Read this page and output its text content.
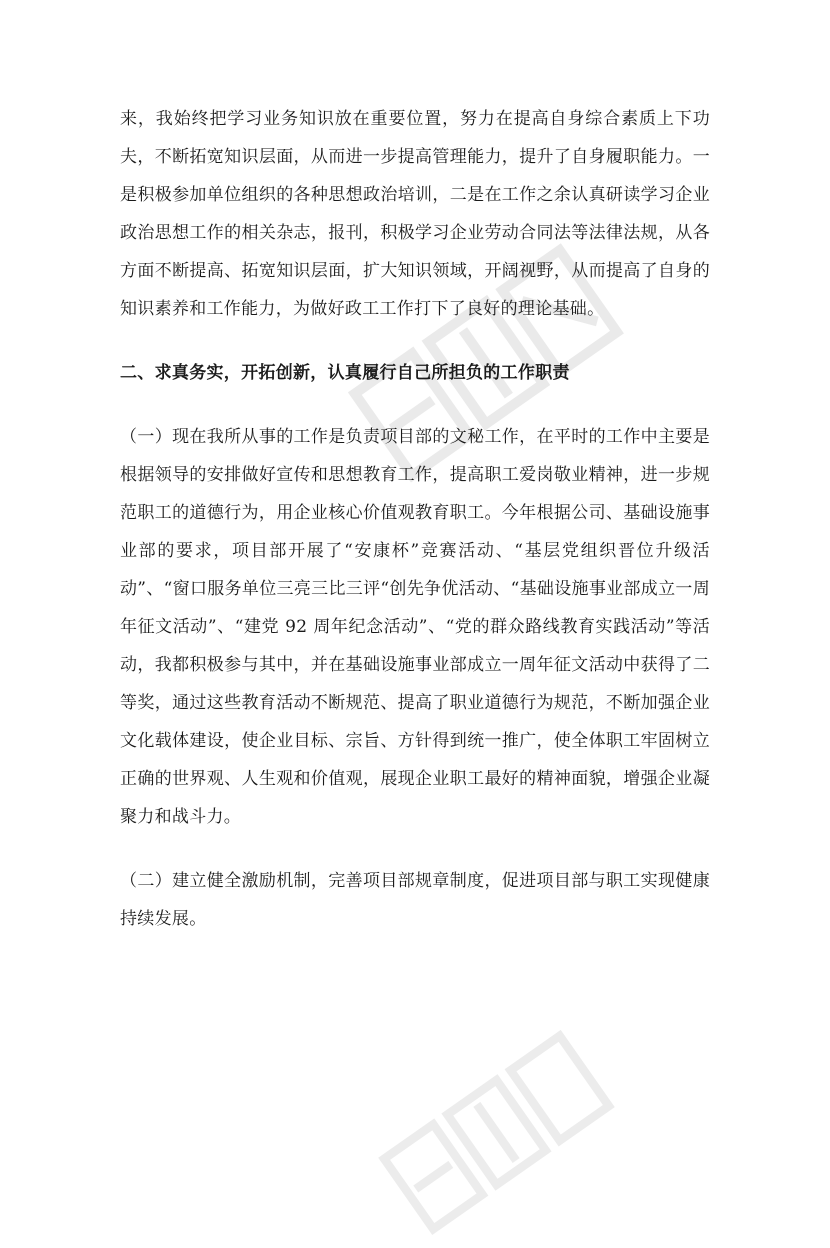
来，我始终把学习业务知识放在重要位置，努力在提高自身综合素质上下功夫，不断拓宽知识层面，从而进一步提高管理能力，提升了自身履职能力。一是积极参加单位组织的各种思想政治培训，二是在工作之余认真研读学习企业政治思想工作的相关杂志，报刊，积极学习企业劳动合同法等法律法规，从各方面不断提高、拓宽知识层面，扩大知识领域，开阔视野，从而提高了自身的知识素养和工作能力，为做好政工工作打下了良好的理论基础。

二、求真务实，开拓创新，认真履行自己所担负的工作职责

（一）现在我所从事的工作是负责项目部的文秘工作，在平时的工作中主要是根据领导的安排做好宣传和思想教育工作，提高职工爱岗敬业精神，进一步规范职工的道德行为，用企业核心价值观教育职工。今年根据公司、基础设施事业部的要求，项目部开展了“安康杯”竞赛活动、“基层党组织晋位升级活动”、“窗口服务单位三亮三比三评“创先争优活动、“基础设施事业部成立一周年征文活动”、“建党 92 周年纪念活动”、“党的群众路线教育实践活动”等活动，我都积极参与其中，并在基础设施事业部成立一周年征文活动中获得了二等奖，通过这些教育活动不断规范、提高了职业道德行为规范，不断加强企业文化载体建设，使企业目标、宗旨、方针得到统一推广，使全体职工牢固树立正确的世界观、人生观和价值观，展现企业职工最好的精神面貌，增强企业凝聚力和战斗力。

（二）建立健全激励机制，完善项目部规章制度，促进项目部与职工实现健康持续发展。
